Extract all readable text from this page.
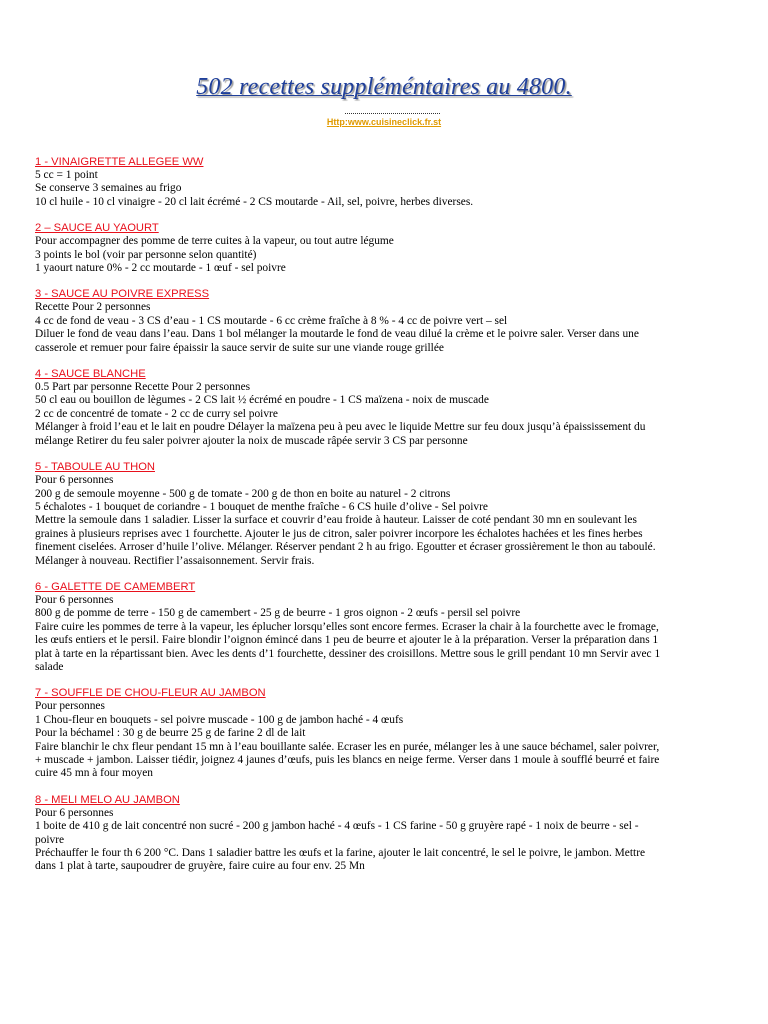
502 recettes suppléméntaires au 4800.
Http:www.cuisineclick.fr.st
1 - VINAIGRETTE ALLEGEE WW
5 cc = 1 point
Se conserve 3 semaines au frigo
10 cl huile - 10 cl vinaigre - 20 cl lait écrémé - 2 CS moutarde - Ail, sel, poivre, herbes diverses.
2 – SAUCE AU YAOURT
Pour accompagner des pomme de terre cuites à la vapeur, ou tout autre légume
3 points le bol (voir par personne selon quantité)
1 yaourt nature 0% - 2 cc moutarde - 1 œuf - sel poivre
3 - SAUCE AU POIVRE EXPRESS
Recette Pour 2 personnes
4 cc de fond de veau - 3 CS d’eau - 1 CS moutarde - 6 cc crème fraîche à 8 % - 4 cc de poivre vert – sel
Diluer le fond de veau dans l’eau. Dans 1 bol mélanger la moutarde le fond de veau dilué la crème et le poivre saler. Verser dans une
casserole et remuer pour faire épaissir la sauce servir de suite sur une viande rouge grillée
4 - SAUCE BLANCHE
0.5 Part par personne Recette Pour 2 personnes
50 cl eau ou bouillon de lègumes - 2 CS lait ½ écrémé en poudre - 1 CS maïzena - noix de muscade
2 cc de concentré de tomate - 2 cc de curry sel poivre
Mélanger à froid l’eau et le lait en poudre Délayer la maïzena peu à peu avec le liquide Mettre sur feu doux jusqu’à épaississement du
mélange Retirer du feu saler poivrer ajouter la noix de muscade râpée servir 3 CS par personne
5 - TABOULE AU THON
Pour 6 personnes
200 g de semoule moyenne - 500 g de tomate - 200 g de thon en boite au naturel - 2 citrons
5 échalotes - 1 bouquet de coriandre - 1 bouquet de menthe fraîche - 6 CS huile d’olive - Sel poivre
Mettre la semoule dans 1 saladier. Lisser la surface et couvrir d’eau froide à hauteur. Laisser de coté pendant 30 mn en soulevant les
graines à plusieurs reprises avec 1 fourchette. Ajouter le jus de citron, saler poivrer incorpore les échalotes hachées et les fines herbes
finement ciselées. Arroser d’huile l’olive. Mélanger. Réserver pendant 2 h au frigo. Egoutter et écraser grossièrement le thon au taboulé.
Mélanger à nouveau. Rectifier l’assaisonnement. Servir frais.
6 - GALETTE DE CAMEMBERT
Pour 6 personnes
800 g de pomme de terre - 150 g de camembert - 25 g de beurre - 1 gros oignon - 2 œufs - persil sel poivre
Faire cuire les pommes de terre à la vapeur, les éplucher lorsqu’elles sont encore fermes. Ecraser la chair à la fourchette avec le fromage,
les œufs entiers et le persil. Faire blondir l’oignon émincé dans 1 peu de beurre et ajouter le à la préparation. Verser la préparation dans 1
plat à tarte en la répartissant bien. Avec les dents d’1 fourchette, dessiner des croisillons. Mettre sous le grill pendant 10 mn Servir avec 1
salade
7 - SOUFFLE DE CHOU-FLEUR AU JAMBON
Pour personnes
1 Chou-fleur en bouquets - sel poivre muscade - 100 g de jambon haché - 4 œufs
Pour la béchamel : 30 g de beurre 25 g de farine 2 dl de lait
Faire blanchir le chx fleur pendant 15 mn à l’eau bouillante salée. Ecraser les en purée, mélanger les à une sauce béchamel, saler poivrer,
+ muscade + jambon. Laisser tiédir, joignez 4 jaunes d’œufs, puis les blancs en neige ferme. Verser dans 1 moule à soufflé beurré et faire
cuire 45 mn à four moyen
8 - MELI MELO AU JAMBON
Pour 6 personnes
1 boite de 410 g de lait concentré non sucré - 200 g jambon haché - 4 œufs - 1 CS farine - 50 g gruyère rapé - 1 noix de beurre - sel -
poivre
Préchauffer le four th 6 200 °C. Dans 1 saladier battre les œufs et la farine, ajouter le lait concentré, le sel le poivre, le jambon. Mettre
dans 1 plat à tarte, saupoudrer de gruyère, faire cuire au four env. 25 Mn
